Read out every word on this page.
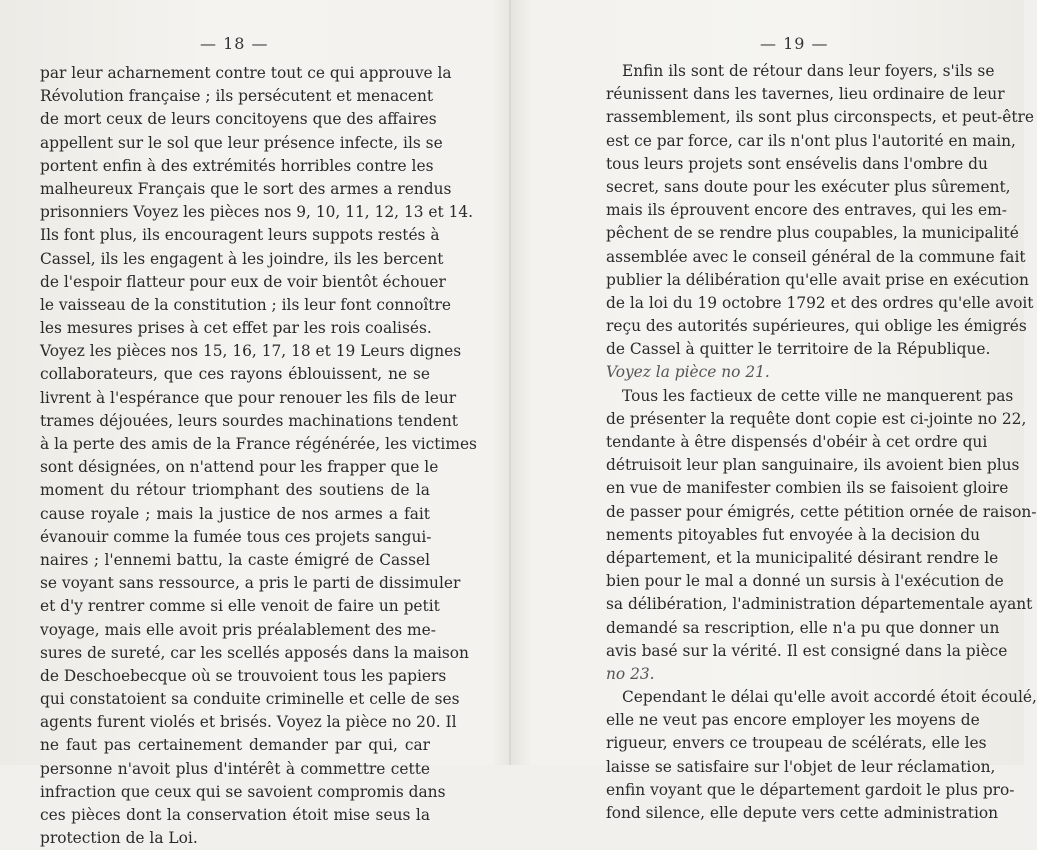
— 18 —
par leur acharnement contre tout ce qui approuve la
Révolution française ; ils persécutent et menacent
de mort ceux de leurs concitoyens que des affaires
appellent sur le sol que leur présence infecte, ils se
portent enfin à des extrémités horribles contre les
malheureux Français que le sort des armes a rendus
prisonniers Voyez les pièces nos 9, 10, 11, 12, 13 et 14.
Ils font plus, ils encouragent leurs suppots restés à
Cassel, ils les engagent à les joindre, ils les bercent
de l'espoir flatteur pour eux de voir bientôt échouer
le vaisseau de la constitution ; ils leur font connoître
les mesures prises à cet effet par les rois coalisés.
Voyez les pièces nos 15, 16, 17, 18 et 19 Leurs dignes
collaborateurs, que ces rayons éblouissent, ne se
livrent à l'espérance que pour renouer les fils de leur
trames déjouées, leurs sourdes machinations tendent
à la perte des amis de la France régénérée, les victimes
sont désignées, on n'attend pour les frapper que le
moment du rétour triomphant des soutiens de la
cause royale ; mais la justice de nos armes a fait
évanouir comme la fumée tous ces projets sangui-
naires ; l'ennemi battu, la caste émigré de Cassel
se voyant sans ressource, a pris le parti de dissimuler
et d'y rentrer comme si elle venoit de faire un petit
voyage, mais elle avoit pris préalablement des me-
sures de sureté, car les scellés apposés dans la maison
de Deschoebecque où se trouvoient tous les papiers
qui constatoient sa conduite criminelle et celle de ses
agents furent violés et brisés. Voyez la pièce no 20. Il
ne faut pas certainement demander par qui, car
personne n'avoit plus d'intérêt à commettre cette
infraction que ceux qui se savoient compromis dans
ces pièces dont la conservation étoit mise seus la
protection de la Loi.
— 19 —
Enfin ils sont de rétour dans leur foyers, s'ils se
réunissent dans les tavernes, lieu ordinaire de leur
rassemblement, ils sont plus circonspects, et peut-être
est ce par force, car ils n'ont plus l'autorité en main,
tous leurs projets sont ensévelis dans l'ombre du
secret, sans doute pour les exécuter plus sûrement,
mais ils éprouvent encore des entraves, qui les em-
pêchent de se rendre plus coupables, la municipalité
assemblée avec le conseil général de la commune fait
publier la délibération qu'elle avait prise en exécution
de la loi du 19 octobre 1792 et des ordres qu'elle avoit
reçu des autorités supérieures, qui oblige les émigrés
de Cassel à quitter le territoire de la République.
Voyez la pièce no 21.
Tous les factieux de cette ville ne manquerent pas
de présenter la requête dont copie est ci-jointe no 22,
tendante à être dispensés d'obéir à cet ordre qui
détruisoit leur plan sanguinaire, ils avoient bien plus
en vue de manifester combien ils se faisoient gloire
de passer pour émigrés, cette pétition ornée de raison-
nements pitoyables fut envoyée à la decision du
département, et la municipalité désirant rendre le
bien pour le mal a donné un sursis à l'exécution de
sa délibération, l'administration départementale ayant
demandé sa rescription, elle n'a pu que donner un
avis basé sur la vérité. Il est consigné dans la pièce
no 23.
Cependant le délai qu'elle avoit accordé étoit écoulé,
elle ne veut pas encore employer les moyens de
rigueur, envers ce troupeau de scélérats, elle les
laisse se satisfaire sur l'objet de leur réclamation,
enfin voyant que le département gardoit le plus pro-
fond silence, elle depute vers cette administration
